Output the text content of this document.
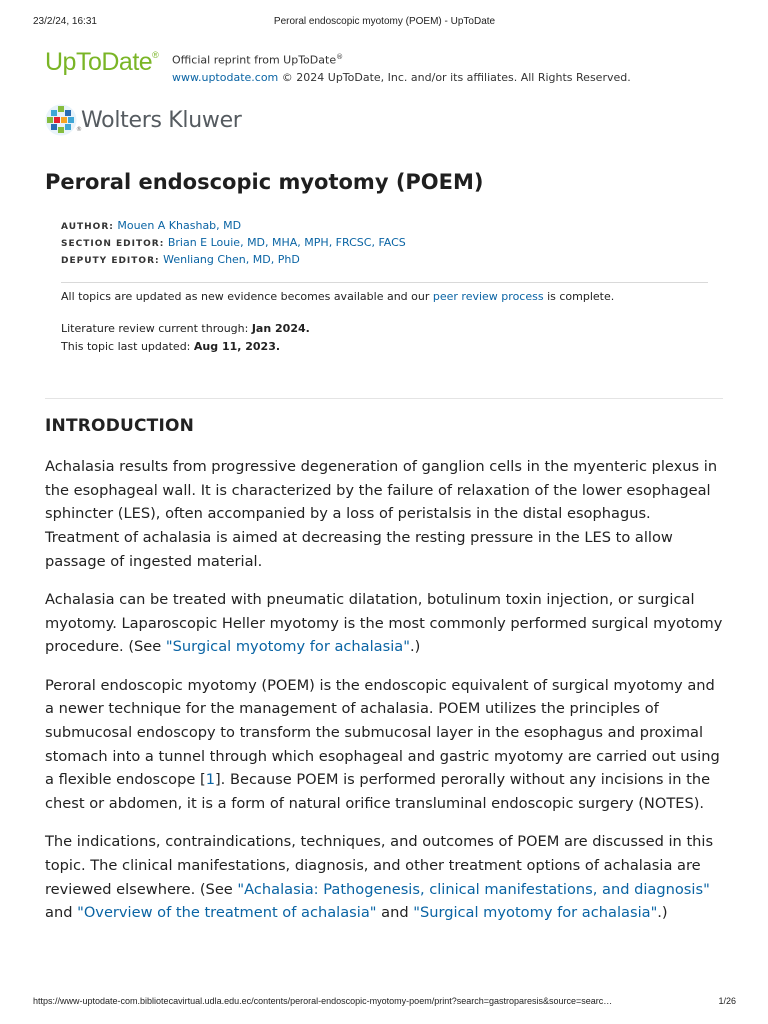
23/2/24, 16:31	Peroral endoscopic myotomy (POEM) - UpToDate
UpToDate® Official reprint from UpToDate®
www.uptodate.com © 2024 UpToDate, Inc. and/or its affiliates. All Rights Reserved.
® Wolters Kluwer
Peroral endoscopic myotomy (POEM)
AUTHOR: Mouen A Khashab, MD
SECTION EDITOR: Brian E Louie, MD, MHA, MPH, FRCSC, FACS
DEPUTY EDITOR: Wenliang Chen, MD, PhD
All topics are updated as new evidence becomes available and our peer review process is complete.
Literature review current through: Jan 2024.
This topic last updated: Aug 11, 2023.
INTRODUCTION

Achalasia results from progressive degeneration of ganglion cells in the myenteric plexus in the esophageal wall. It is characterized by the failure of relaxation of the lower esophageal sphincter (LES), often accompanied by a loss of peristalsis in the distal esophagus. Treatment of achalasia is aimed at decreasing the resting pressure in the LES to allow passage of ingested material.

Achalasia can be treated with pneumatic dilatation, botulinum toxin injection, or surgical myotomy. Laparoscopic Heller myotomy is the most commonly performed surgical myotomy procedure. (See "Surgical myotomy for achalasia".)

Peroral endoscopic myotomy (POEM) is the endoscopic equivalent of surgical myotomy and a newer technique for the management of achalasia. POEM utilizes the principles of submucosal endoscopy to transform the submucosal layer in the esophagus and proximal stomach into a tunnel through which esophageal and gastric myotomy are carried out using a flexible endoscope [1]. Because POEM is performed perorally without any incisions in the chest or abdomen, it is a form of natural orifice transluminal endoscopic surgery (NOTES).

The indications, contraindications, techniques, and outcomes of POEM are discussed in this topic. The clinical manifestations, diagnosis, and other treatment options of achalasia are reviewed elsewhere. (See "Achalasia: Pathogenesis, clinical manifestations, and diagnosis" and "Overview of the treatment of achalasia" and "Surgical myotomy for achalasia".)

https://www-uptodate-com.bibliotecavirtual.udla.edu.ec/contents/peroral-endoscopic-myotomy-poem/print?search=gastroparesis&source=searc…	1/26
